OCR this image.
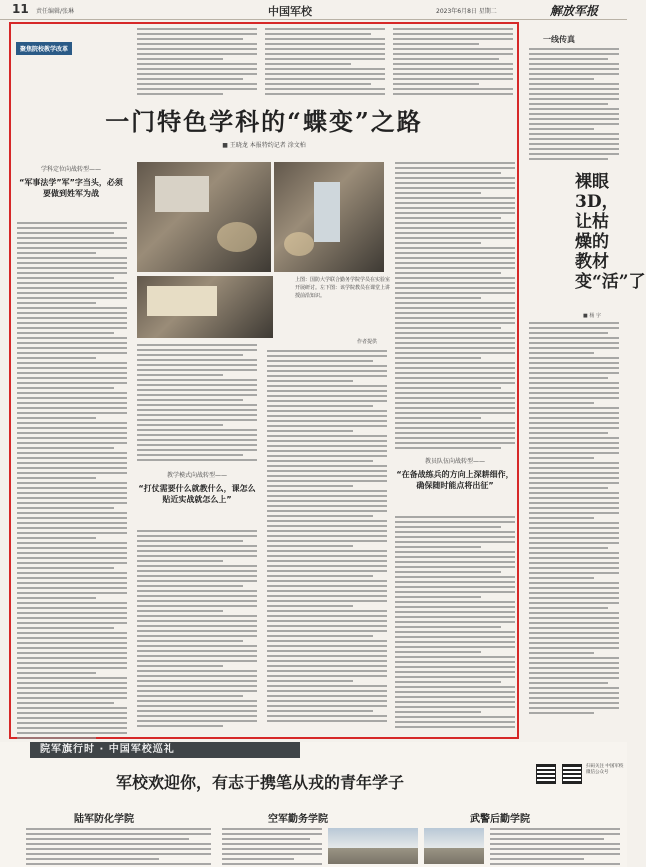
11 责任编辑/张琳	中国军校	2023年6月8日 星期二	解放军报
聚焦院校教学改革
一门特色学科的“蝶变”之路
■ 王晓龙 本报特约记者 涂文柏
上图：国防大学联合勤务学院学员在实验室开展研讨。左下图：该学院教员在课堂上讲授前沿知识。
作者提供
学科定位向战转型——
“军事法学”军”字当头，必须要做到姓军为战
教学模式向战转型——
“打仗需要什么就教什么，课怎么贴近实战就怎么上”
教员队伍向战转型——
“在备战练兵的方向上深耕细作，确保随时能点将出征”
一线传真
裸眼3D，让枯燥的教材变“活”了
■ 杨 宇
院军旗行时 · 中国军校巡礼
军校欢迎你，有志于携笔从戎的青年学子
扫码关注 中国军校微信公众号
陆军防化学院	空军勤务学院	武警后勤学院
